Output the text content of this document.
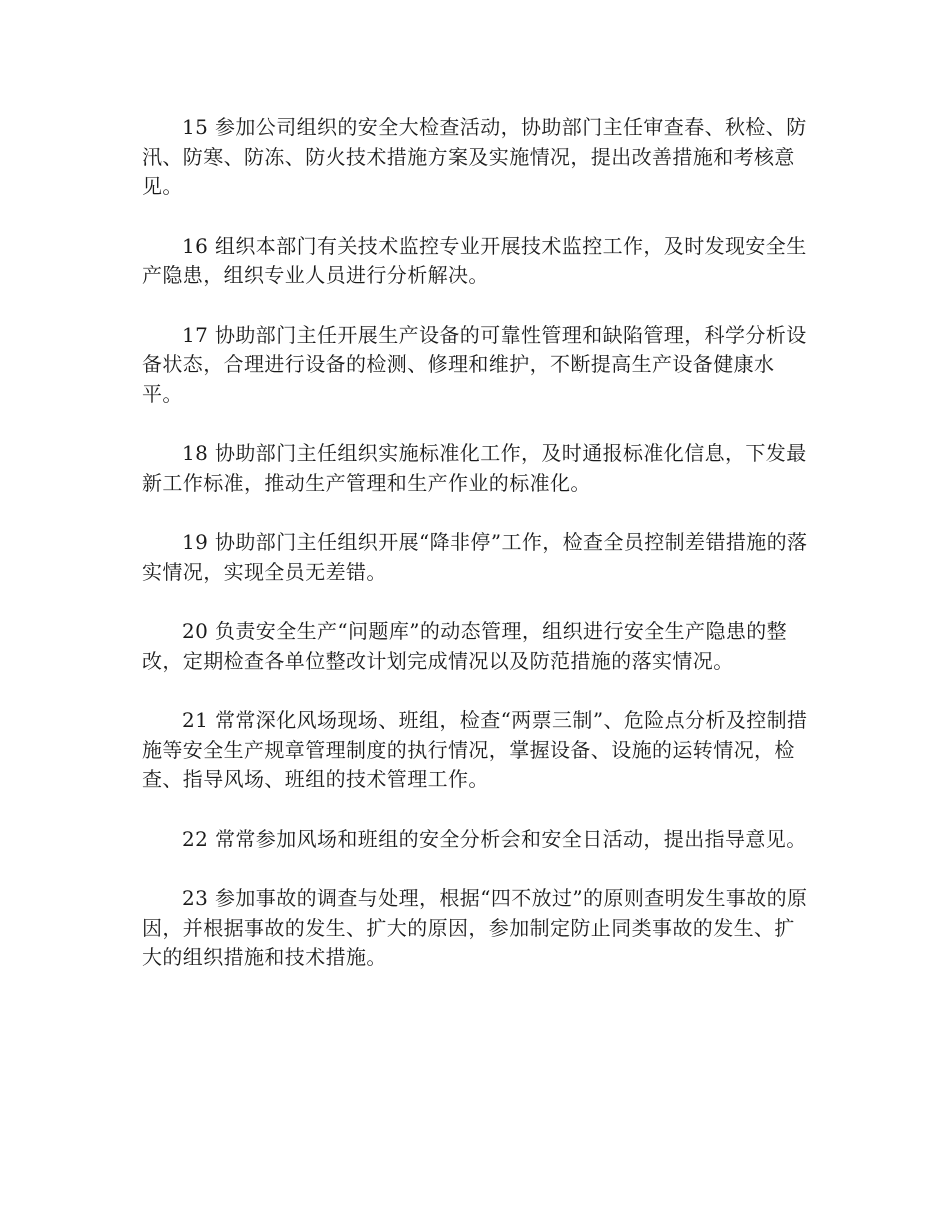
15 参加公司组织的安全大检查活动，协助部门主任审查春、秋检、防汛、防寒、防冻、防火技术措施方案及实施情况，提出改善措施和考核意见。

16 组织本部门有关技术监控专业开展技术监控工作，及时发现安全生产隐患，组织专业人员进行分析解决。

17 协助部门主任开展生产设备的可靠性管理和缺陷管理，科学分析设备状态，合理进行设备的检测、修理和维护，不断提高生产设备健康水平。

18 协助部门主任组织实施标准化工作，及时通报标准化信息，下发最新工作标准，推动生产管理和生产作业的标准化。

19 协助部门主任组织开展“降非停”工作，检查全员控制差错措施的落实情况，实现全员无差错。

20 负责安全生产“问题库”的动态管理，组织进行安全生产隐患的整改，定期检查各单位整改计划完成情况以及防范措施的落实情况。

21 常常深化风场现场、班组，检查“两票三制”、危险点分析及控制措施等安全生产规章管理制度的执行情况，掌握设备、设施的运转情况，检查、指导风场、班组的技术管理工作。

22 常常参加风场和班组的安全分析会和安全日活动，提出指导意见。

23 参加事故的调查与处理，根据“四不放过”的原则查明发生事故的原因，并根据事故的发生、扩大的原因，参加制定防止同类事故的发生、扩大的组织措施和技术措施。
